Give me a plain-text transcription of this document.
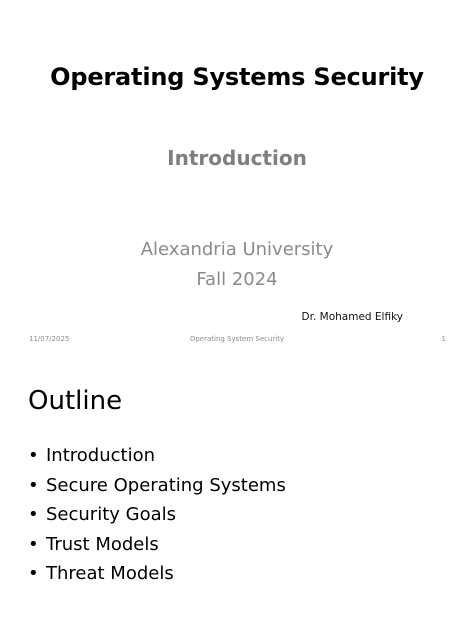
Operating Systems Security
Introduction
Alexandria University
Fall 2024
Dr. Mohamed Elfiky
11/07/2025	Operating System Security	1
Outline
• Introduction
• Secure Operating Systems
• Security Goals
• Trust Models
• Threat Models
